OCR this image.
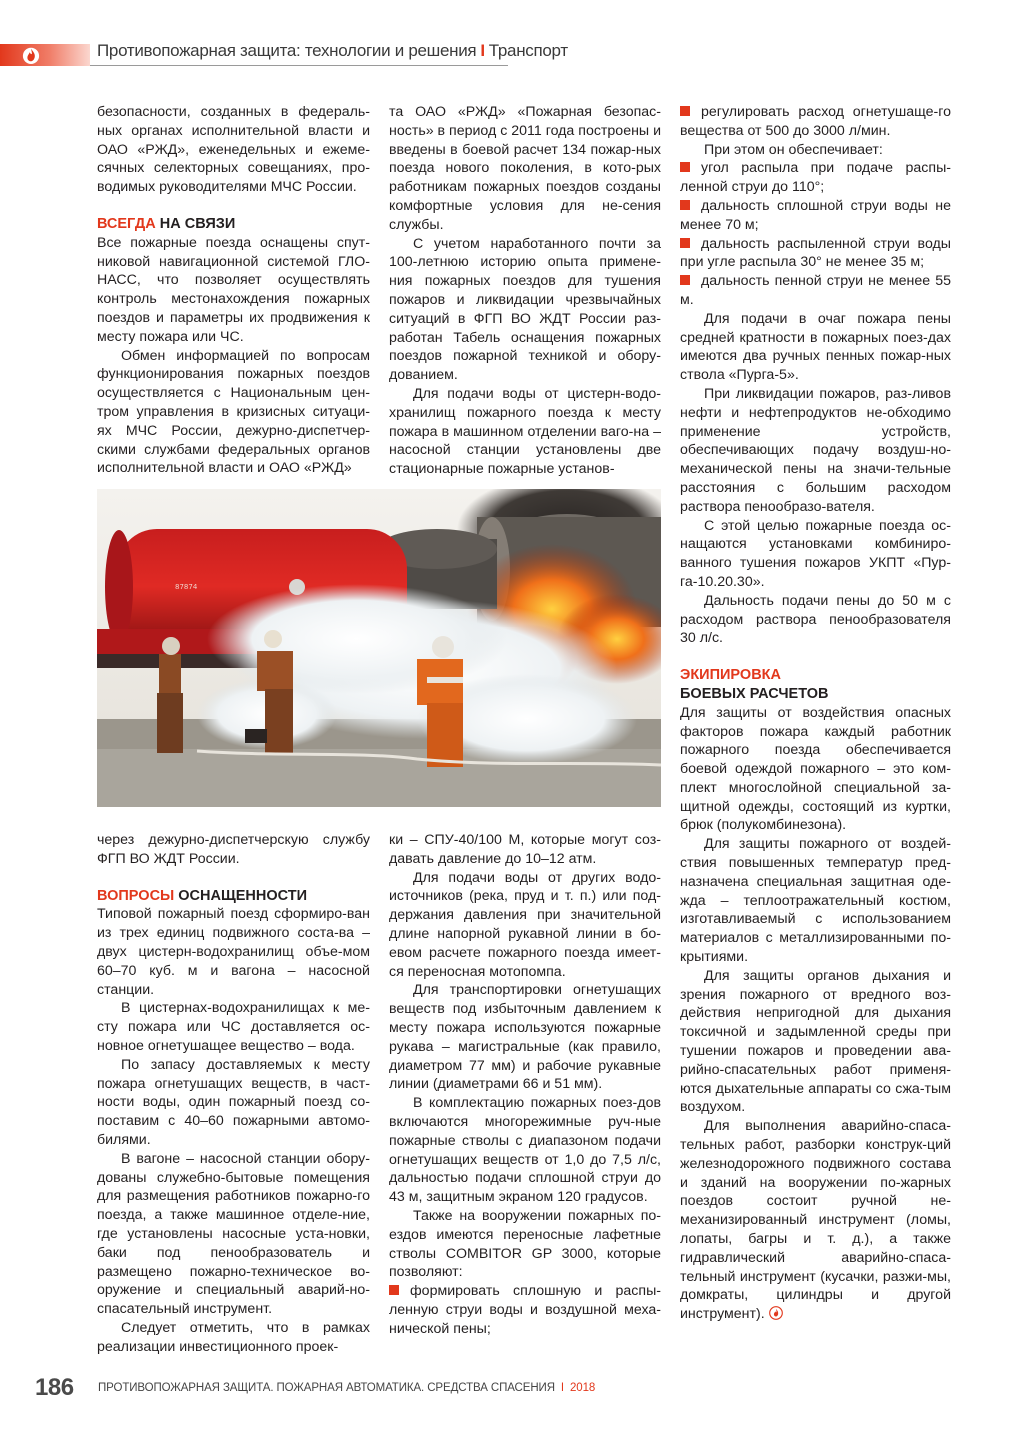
Противопожарная защита: технологии и решения I Транспорт

безопасности, созданных в федераль-ных органах исполнительной власти и ОАО «РЖД», еженедельных и ежеме-сячных селекторных совещаниях, про-водимых руководителями МЧС России.

ВСЕГДА НА СВЯЗИ

Все пожарные поезда оснащены спут-никовой навигационной системой ГЛО-НАСС, что позволяет осуществлять контроль местонахождения пожарных поездов и параметры их продвижения к месту пожара или ЧС.

Обмен информацией по вопросам функционирования пожарных поездов осуществляется с Национальным цен-тром управления в кризисных ситуаци-ях МЧС России, дежурно-диспетчер-скими службами федеральных органов исполнительной власти и ОАО «РЖД»

та ОАО «РЖД» «Пожарная безопас-ность» в период с 2011 года построены и введены в боевой расчет 134 пожар-ных поезда нового поколения, в кото-рых работникам пожарных поездов созданы комфортные условия для не-сения службы.

С учетом наработанного почти за 100-летнюю историю опыта примене-ния пожарных поездов для тушения пожаров и ликвидации чрезвычайных ситуаций в ФГП ВО ЖДТ России раз-работан Табель оснащения пожарных поездов пожарной техникой и обору-дованием.

Для подачи воды от цистерн-водо-хранилищ пожарного поезда к месту пожара в машинном отделении ваго-на – насосной станции установлены две стационарные пожарные установ-

87874

через дежурно-диспетчерскую службу ФГП ВО ЖДТ России.

ВОПРОСЫ ОСНАЩЕННОСТИ

Типовой пожарный поезд сформиро-ван из трех единиц подвижного соста-ва – двух цистерн-водохранилищ объе-мом 60–70 куб. м и вагона – насосной станции.

В цистернах-водохранилищах к ме-сту пожара или ЧС доставляется ос-новное огнетушащее вещество – вода.

По запасу доставляемых к месту пожара огнетушащих веществ, в част-ности воды, один пожарный поезд со-поставим с 40–60 пожарными автомо-билями.

В вагоне – насосной станции обору-дованы служебно-бытовые помещения для размещения работников пожарно-го поезда, а также машинное отделе-ние, где установлены насосные уста-новки, баки под пенообразователь и размещено пожарно-техническое во-оружение и специальный аварий-но-спасательный инструмент.

Следует отметить, что в рамках реализации инвестиционного проек-

ки – СПУ-40/100 М, которые могут соз-давать давление до 10–12 атм.

Для подачи воды от других водо-источников (река, пруд и т. п.) или под-держания давления при значительной длине напорной рукавной линии в бо-евом расчете пожарного поезда имеет-ся переносная мотопомпа.

Для транспортировки огнетушащих веществ под избыточным давлением к месту пожара используются пожарные рукава – магистральные (как правило, диаметром 77 мм) и рабочие рукавные линии (диаметрами 66 и 51 мм).

В комплектацию пожарных поез-дов включаются многорежимные руч-ные пожарные стволы с диапазоном подачи огнетушащих веществ от 1,0 до 7,5 л/с, дальностью подачи сплошной струи до 43 м, защитным экраном 120 градусов.

Также на вооружении пожарных по-ездов имеются переносные лафетные стволы COMBITOR GP 3000, которые позволяют:

формировать сплошную и распы-ленную струи воды и воздушной меха-нической пены;

регулировать расход огнетушаще-го вещества от 500 до 3000 л/мин.

При этом он обеспечивает:

угол распыла при подаче распы-ленной струи до 110°;

дальность сплошной струи воды не менее 70 м;

дальность распыленной струи воды при угле распыла 30° не менее 35 м;

дальность пенной струи не менее 55 м.

Для подачи в очаг пожара пены средней кратности в пожарных поез-дах имеются два ручных пенных пожар-ных ствола «Пурга-5».

При ликвидации пожаров, раз-ливов нефти и нефтепродуктов не-обходимо применение устройств, обеспечивающих подачу воздуш-но-механической пены на значи-тельные расстояния с большим расходом раствора пенообразо-вателя.

С этой целью пожарные поезда ос-нащаются установками комбиниро-ванного тушения пожаров УКПТ «Пур-га-10.20.30».

Дальность подачи пены до 50 м с расходом раствора пенообразователя 30 л/с.

ЭКИПИРОВКА
БОЕВЫХ РАСЧЕТОВ

Для защиты от воздействия опасных факторов пожара каждый работник пожарного поезда обеспечивается боевой одеждой пожарного – это ком-плект многослойной специальной за-щитной одежды, состоящий из куртки, брюк (полукомбинезона).

Для защиты пожарного от воздей-ствия повышенных температур пред-назначена специальная защитная оде-жда – теплоотражательный костюм, изготавливаемый с использованием материалов с металлизированными по-крытиями.

Для защиты органов дыхания и зрения пожарного от вредного воз-действия непригодной для дыхания токсичной и задымленной среды при тушении пожаров и проведении ава-рийно-спасательных работ применя-ются дыхательные аппараты со сжа-тым воздухом.

Для выполнения аварийно-спаса-тельных работ, разборки конструк-ций железнодорожного подвижного состава и зданий на вооружении по-жарных поездов состоит ручной не-механизированный инструмент (ломы, лопаты, багры и т. д.), а также гидравлический аварийно-спаса-тельный инструмент (кусачки, разжи-мы, домкраты, цилиндры и другой инструмент).

186 ПРОТИВОПОЖАРНАЯ ЗАЩИТА. ПОЖАРНАЯ АВТОМАТИКА. СРЕДСТВА СПАСЕНИЯ I 2018
